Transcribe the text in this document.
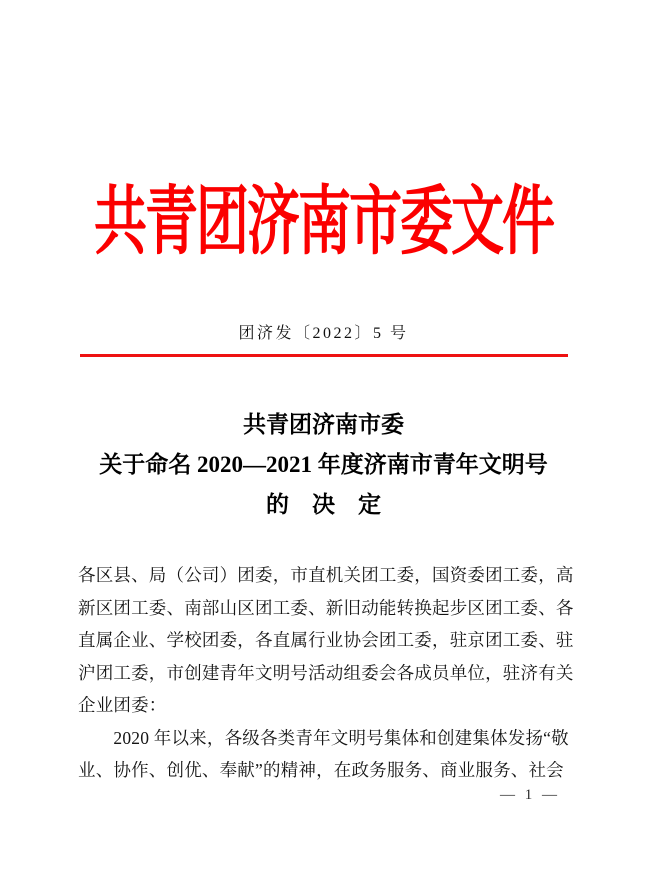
共青团济南市委文件
团济发〔2022〕5 号
共青团济南市委
关于命名 2020—2021 年度济南市青年文明号
的　决　定
各区县、局（公司）团委，市直机关团工委，国资委团工委，高
新区团工委、南部山区团工委、新旧动能转换起步区团工委、各
直属企业、学校团委，各直属行业协会团工委，驻京团工委、驻
沪团工委，市创建青年文明号活动组委会各成员单位，驻济有关
企业团委：
　　2020 年以来，各级各类青年文明号集体和创建集体发扬“敬
业、协作、创优、奉献”的精神，在政务服务、商业服务、社会

— 1 —
